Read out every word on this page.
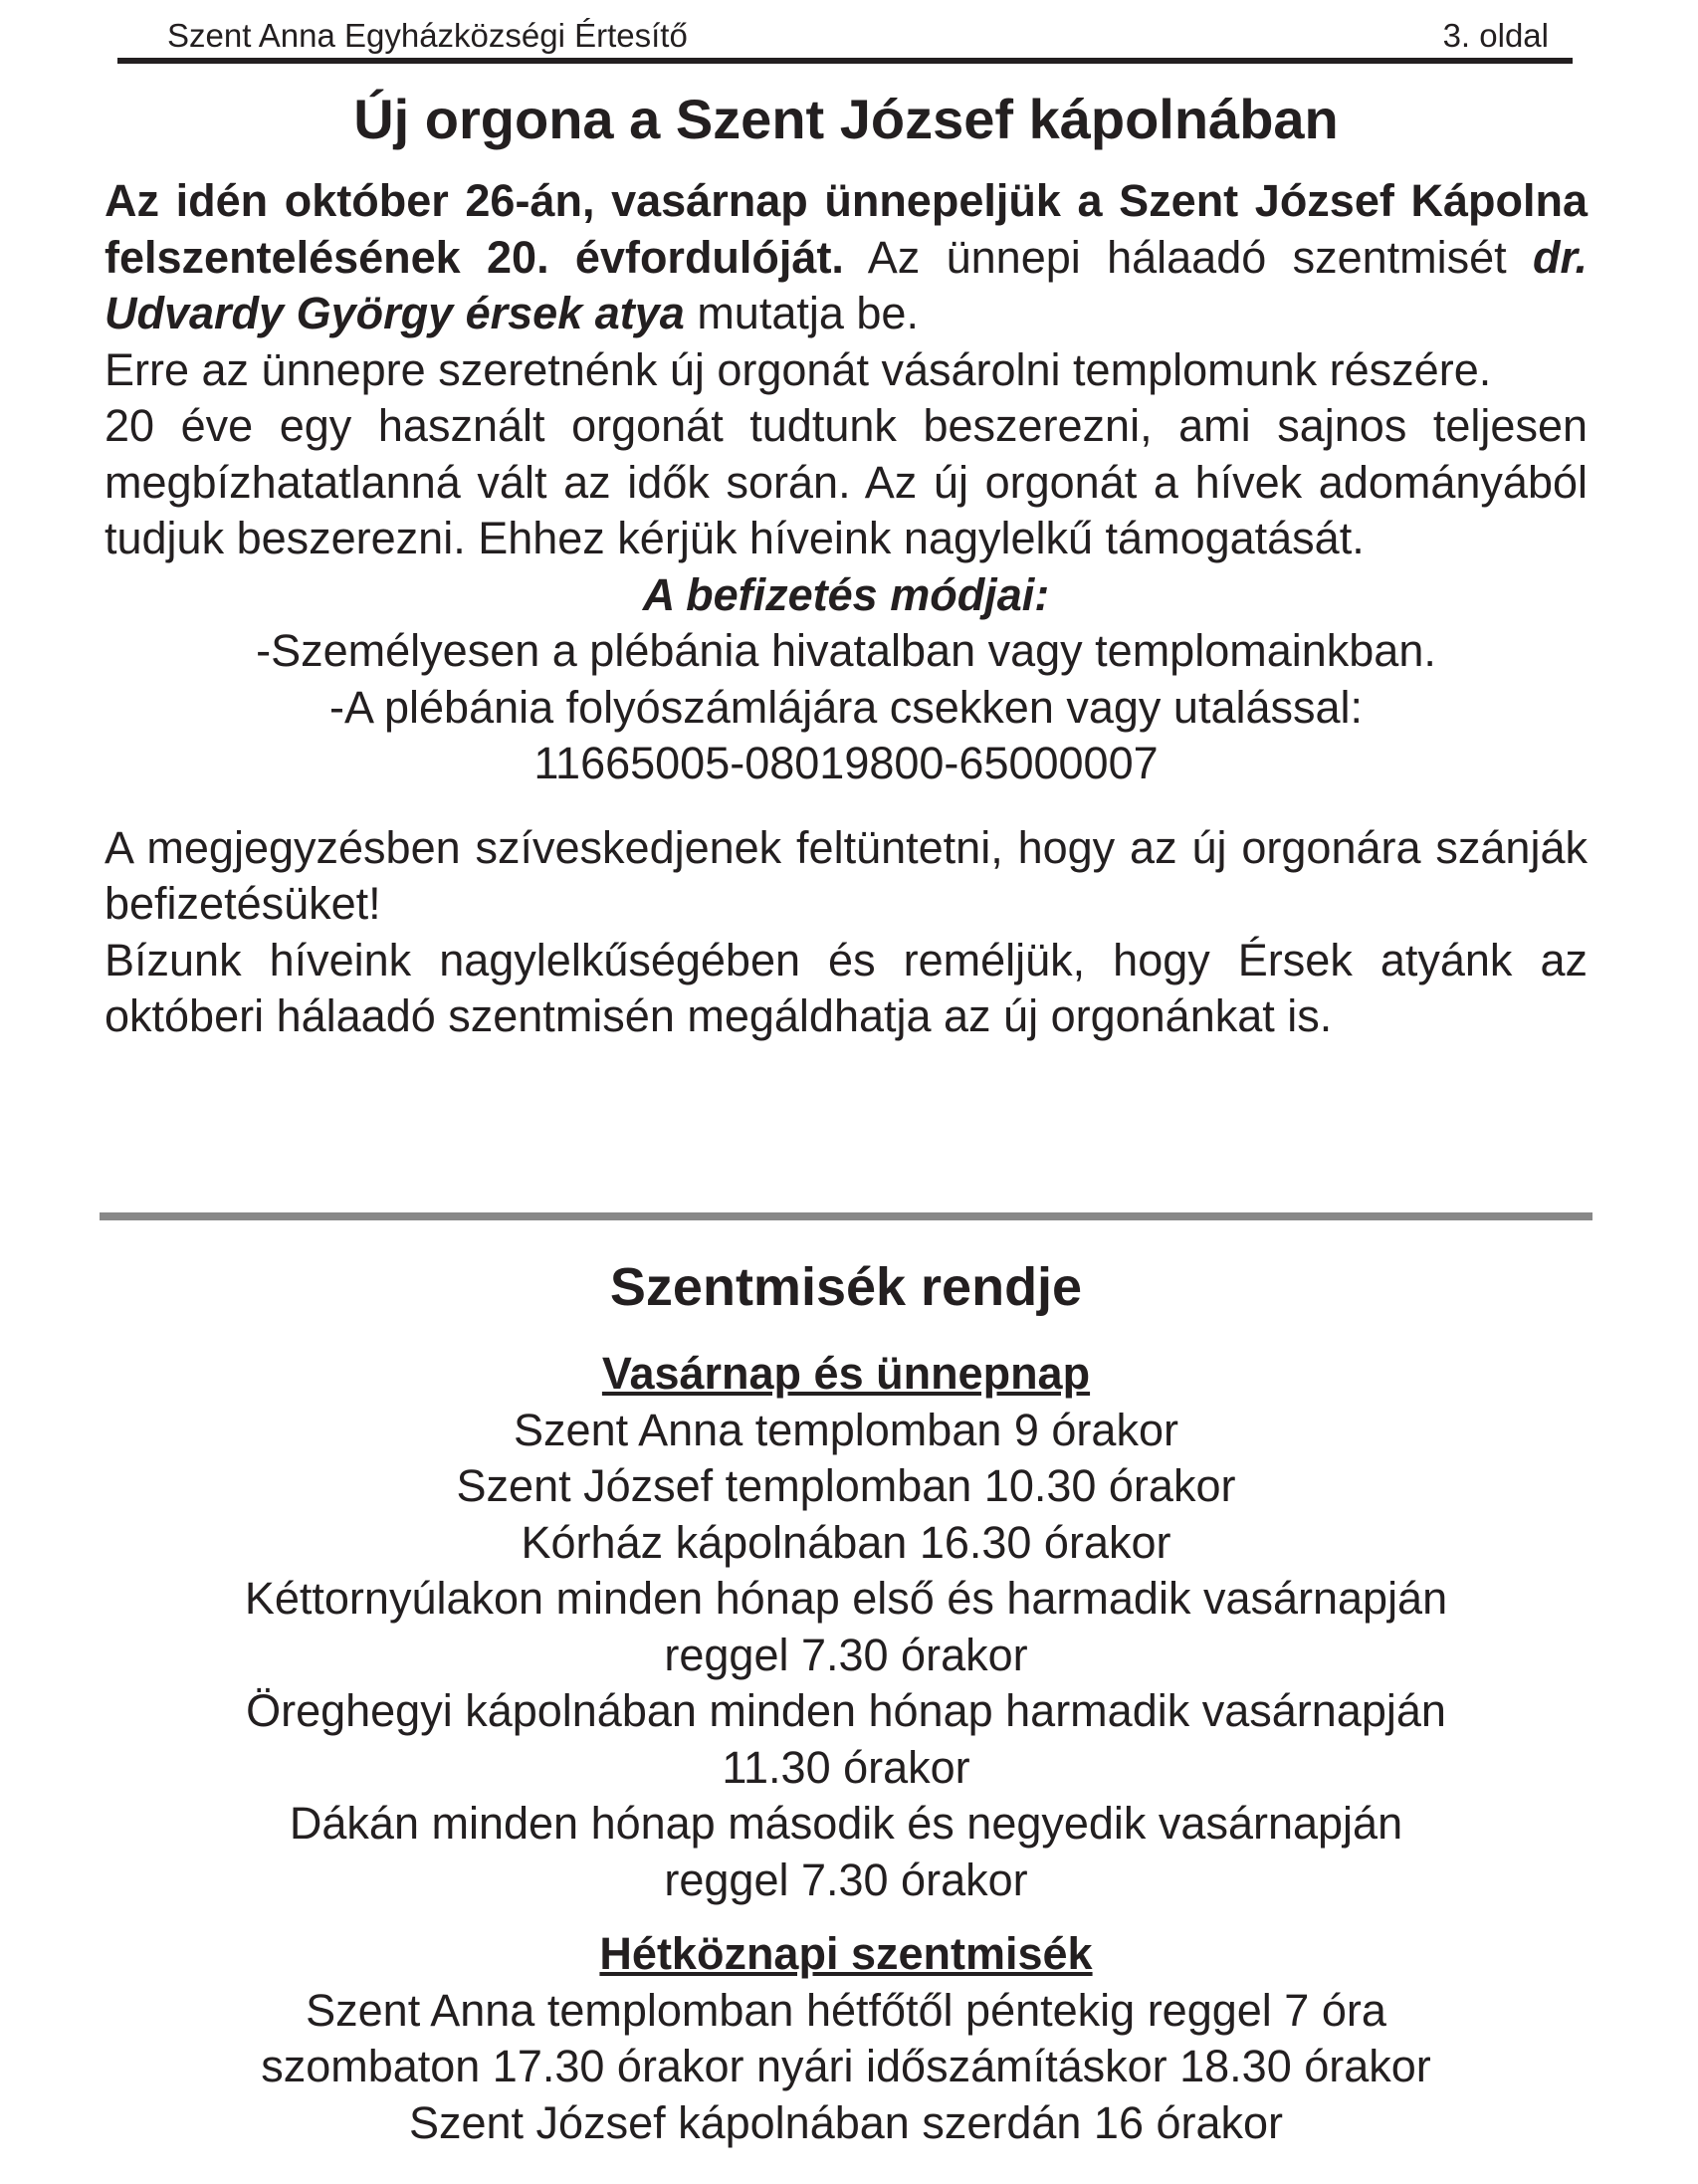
Szent Anna Egyházközségi Értesítő	3. oldal
Új orgona a Szent József kápolnában

Az idén október 26-án, vasárnap ünnepeljük a Szent József Kápolna felszentelésének 20. évfordulóját. Az ünnepi hálaadó szentmisét dr. Udvardy György érsek atya mutatja be.

Erre az ünnepre szeretnénk új orgonát vásárolni templomunk részére.

20 éve egy használt orgonát tudtunk beszerezni, ami sajnos teljesen megbízhatatlanná vált az idők során. Az új orgonát a hívek adományából tudjuk beszerezni. Ehhez kérjük híveink nagylelkű támogatását.

A befizetés módjai:
-Személyesen a plébánia hivatalban vagy templomainkban.
-A plébánia folyószámlájára csekken vagy utalással:
11665005-08019800-65000007

A megjegyzésben szíveskedjenek feltüntetni, hogy az új orgonára szánják befizetésüket!

Bízunk híveink nagylelkűségében és reméljük, hogy Érsek atyánk az októberi hálaadó szentmisén megáldhatja az új orgonánkat is.

Szentmisék rendje
Vasárnap és ünnepnap
Szent Anna templomban 9 órakor
Szent József templomban 10.30 órakor
Kórház kápolnában 16.30 órakor
Kéttornyúlakon minden hónap első és harmadik vasárnapján
reggel 7.30 órakor
Öreghegyi kápolnában minden hónap harmadik vasárnapján
11.30 órakor
Dákán minden hónap második és negyedik vasárnapján
reggel 7.30 órakor
Hétköznapi szentmisék
Szent Anna templomban hétfőtől péntekig reggel 7 óra
szombaton 17.30 órakor nyári időszámításkor 18.30 órakor
Szent József kápolnában szerdán 16 órakor
